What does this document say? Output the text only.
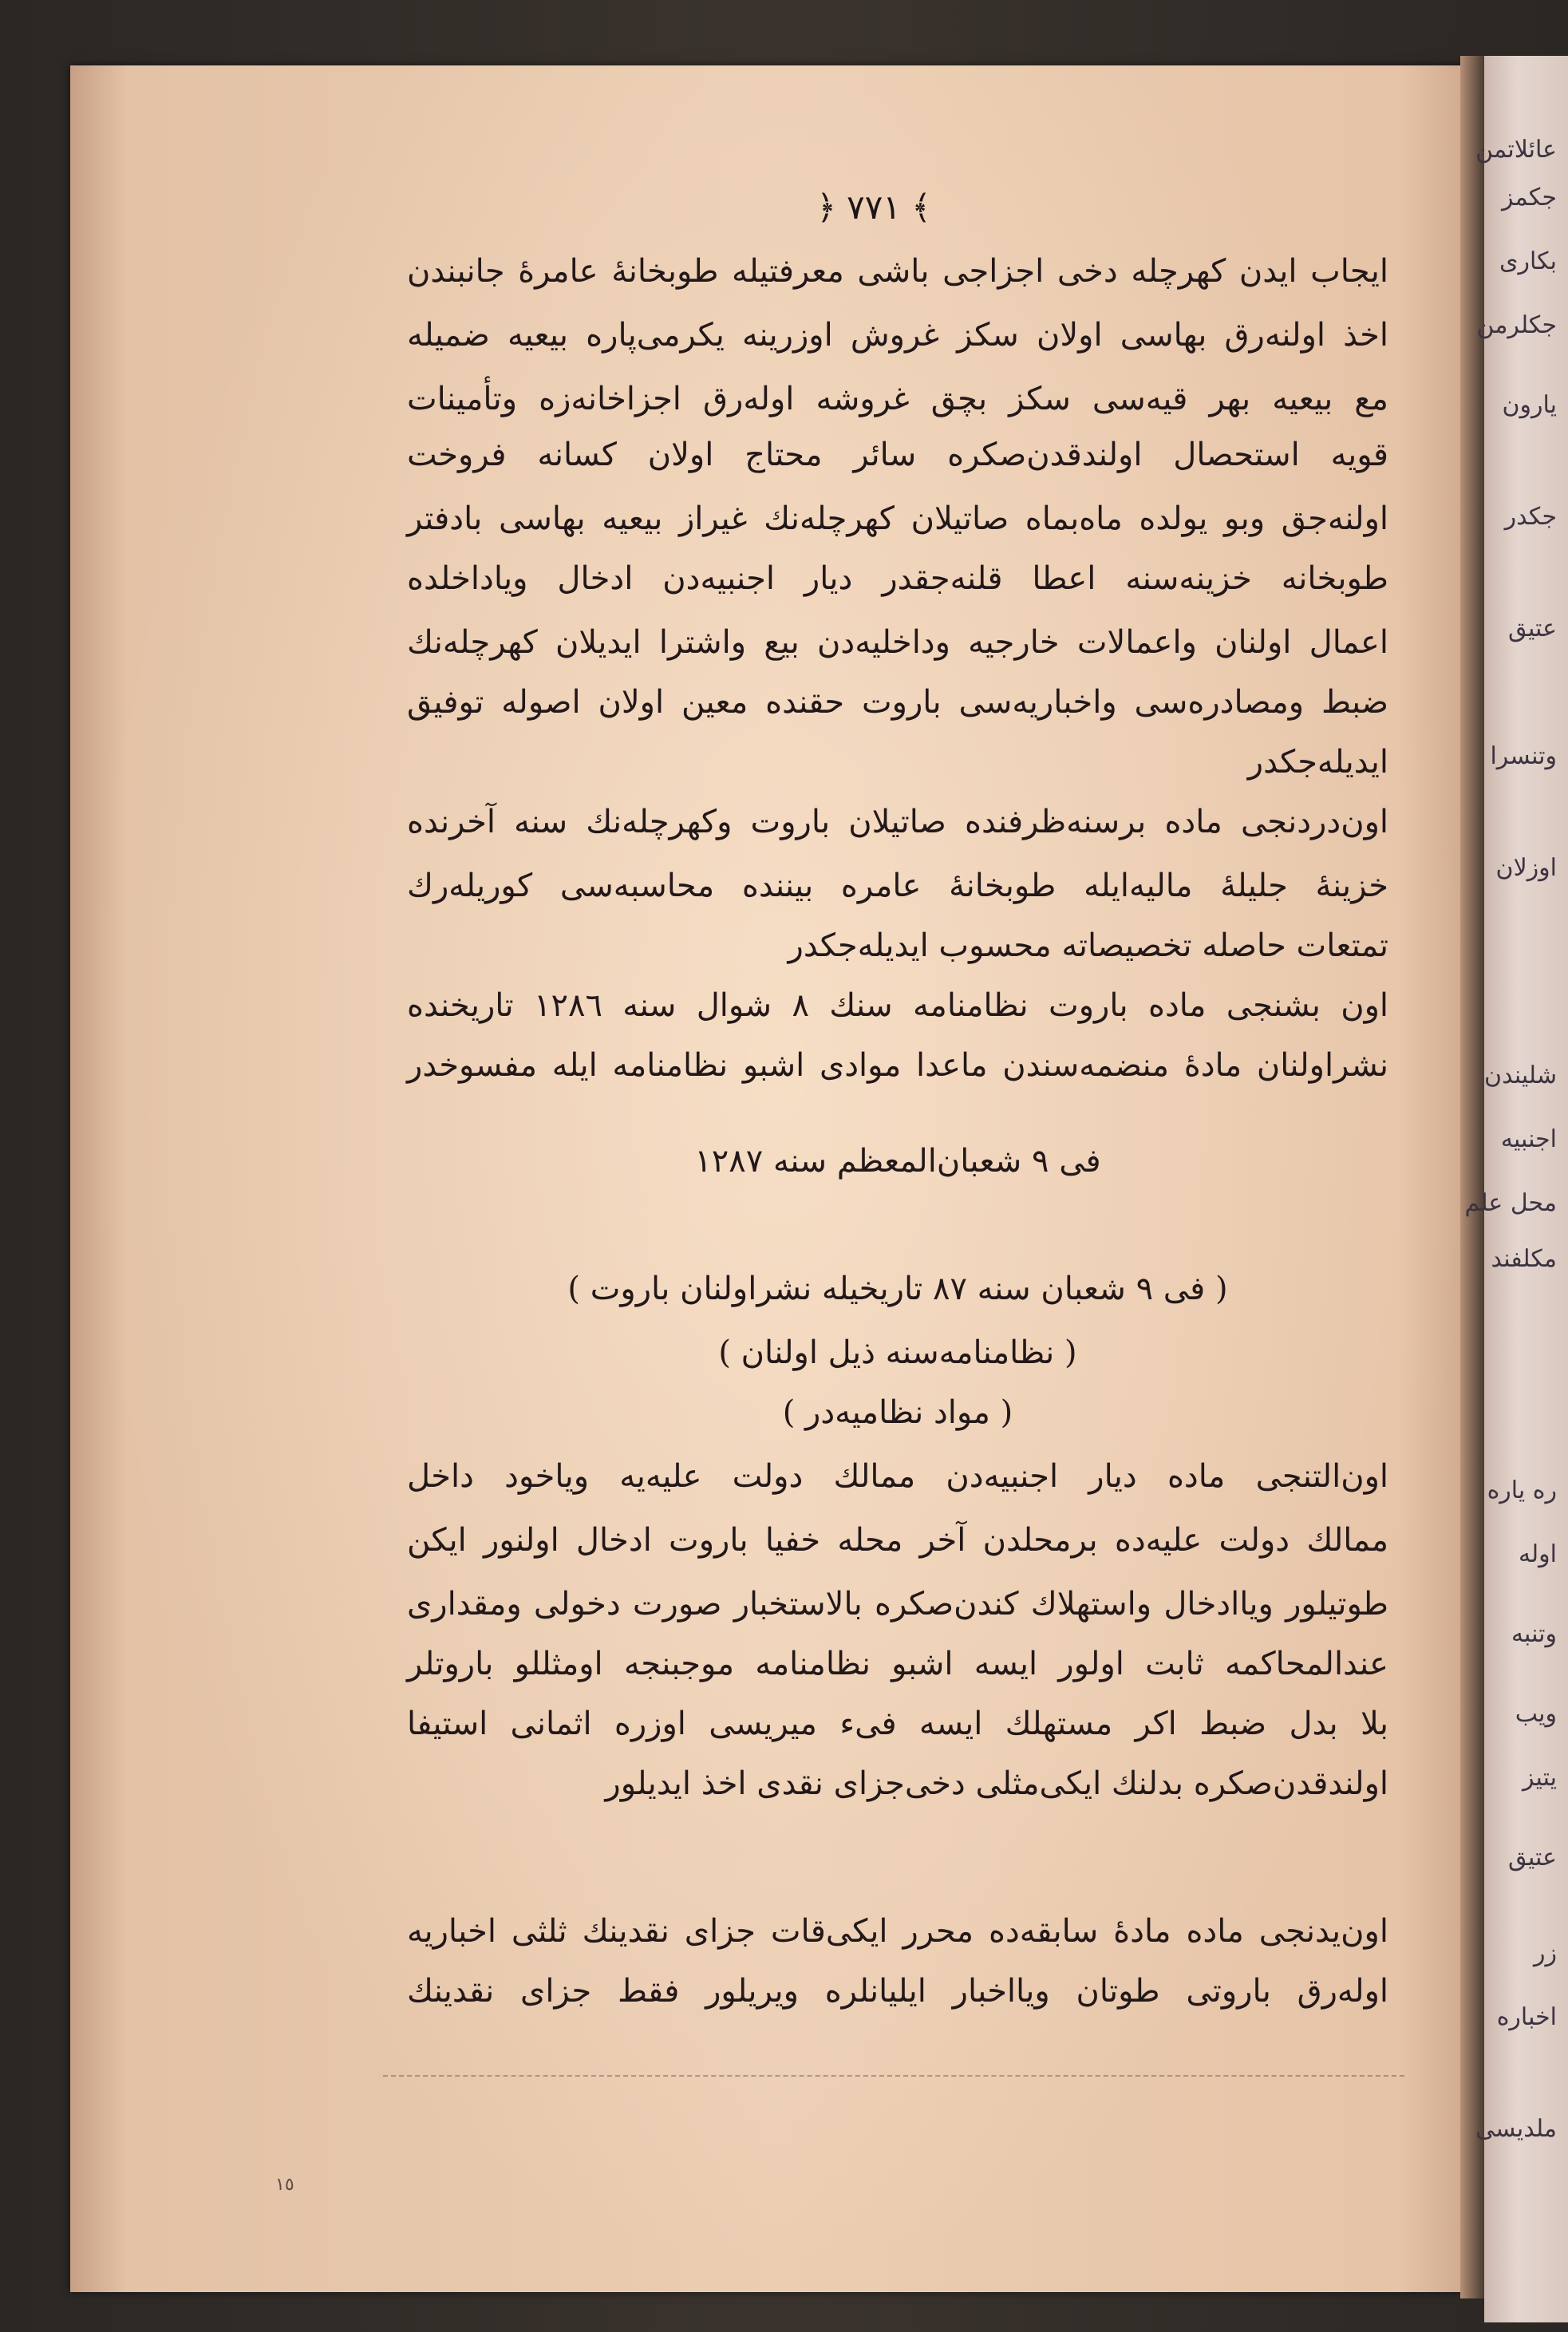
عائلاتمن
جکمز
بكاری
جکلرمن
یارون
جکدر
عتیق
وتنسرا
اوزلان
شلیندن
اجنبیه
محل علم
مکلفند
ره یاره
اوله
وتنبه
ویب
یتیز
عتیق
زر
اخباره
ملدیسی
﴿ ٧٧١ ﴾
ایجاب ایدن کهرچله دخی اجزاجی باشی معرفتیله طوبخانهٔ عامرهٔ جانبندن
اخذ اولنه‌رق بهاسی اولان سکز غروش اوزرینه یکرمی‌پاره بیعیه ضمیله
مع بیعیه بهر قیه‌سی سکز بچق غروشه اوله‌رق اجزاخانه‌زه وتأمینات
قویه استحصال اولندقدن‌صکره سائر محتاج اولان کسانه فروخت
اولنه‌جق وبو یولده ماه‌بماه صاتیلان کهرچله‌نك غیراز بیعیه بهاسی بادفتر
طوبخانه خزینه‌سنه اعطا قلنه‌جقدر دیار اجنبیه‌دن ادخال وياداخلده
اعمال اولنان واعمالات خارجیه وداخلیه‌دن بیع واشترا ایدیلان کهرچله‌نك
ضبط ومصادره‌سی واخباریه‌سی باروت حقنده معین اولان اصوله توفیق
ایدیله‌جکدر
اون‌دردنجی ماده برسنه‌ظرفنده صاتیلان باروت وکهرچله‌نك سنه آخرنده
خزینهٔ جلیلهٔ مالیه‌ایله طوبخانهٔ عامره بیننده محاسبه‌سی کوریله‌رك
تمتعات حاصله تخصیصاته محسوب ایدیله‌جکدر
اون بشنجی ماده باروت نظامنامه سنك ٨ شوال سنه ١٢٨٦ تاریخنده
نشراولنان مادهٔ منضمه‌سندن ماعدا موادی اشبو نظامنامه ایله مفسوخدر
فی ٩ شعبان‌المعظم سنه ١٢٨٧
( فی ٩ شعبان سنه ٨٧ تاریخیله نشراولنان باروت )
( نظامنامه‌سنه ذیل اولنان )
( مواد نظامیه‌در )
اون‌التنجی ماده دیار اجنبیه‌دن ممالك دولت علیه‌یه ویاخود داخل
ممالك دولت علیه‌ده برمحلدن آخر محله خفیا باروت ادخال اولنور ایکن
طوتیلور ویاادخال واستهلاك کندن‌صکره بالاستخبار صورت دخولی ومقداری
عندالمحاکمه ثابت اولور ایسه اشبو نظامنامه موجبنجه اومثللو باروتلر
بلا بدل ضبط اکر مستهلك ایسه فیء میریسی اوزره اثمانی استیفا
اولندقدن‌صکره بدلنك ایکی‌مثلی دخی‌جزای نقدی اخذ ایدیلور
اون‌یدنجی ماده مادهٔ سابقه‌ده محرر ایکی‌قات جزای نقدینك ثلثی اخباریه
اوله‌رق باروتی طوتان ویااخبار ایلیانلره ویریلور فقط جزای نقدینك
١٥
